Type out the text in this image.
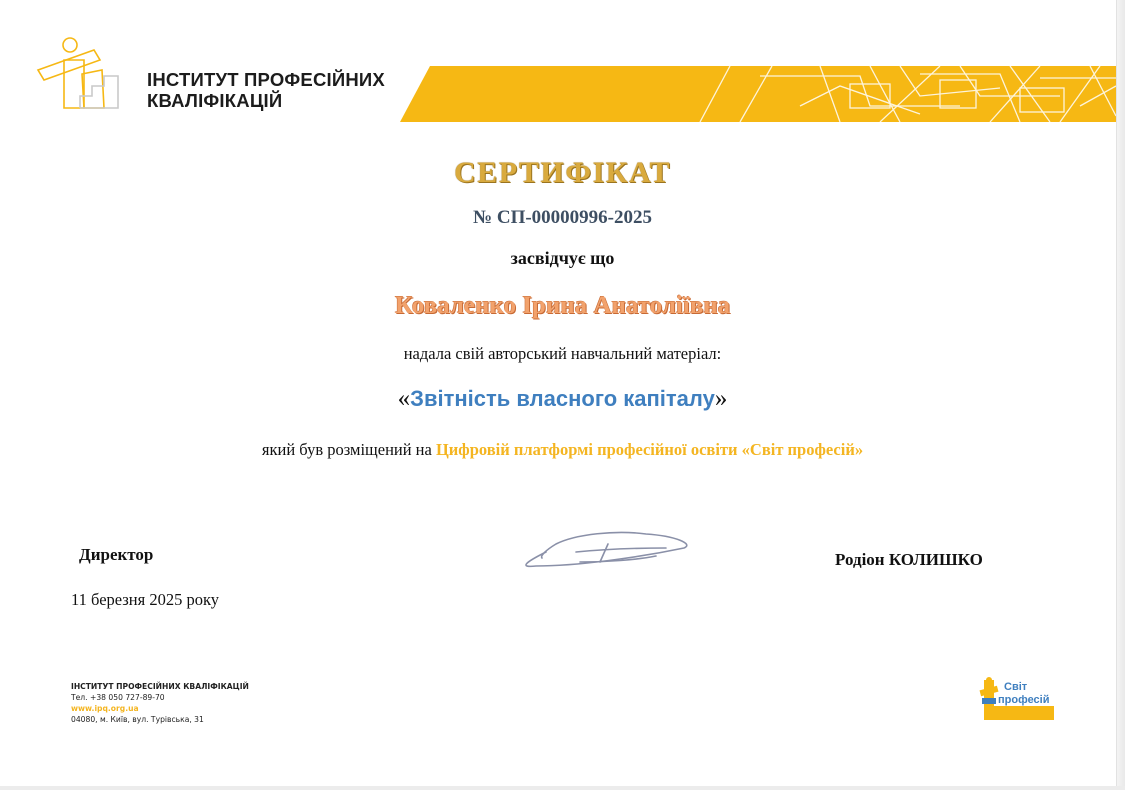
ІНСТИТУТ ПРОФЕСІЙНИХ
КВАЛІФІКАЦІЙ
СЕРТИФІКАТ
№ СП-00000996-2025
засвідчує що
Коваленко Ірина Анатоліївна
надала свій авторський навчальний матеріал:
«Звітність власного капіталу»
який був розміщений на Цифровій платформі професійної освіти «Світ професій»
Директор
11 березня 2025 року
Родіон КОЛИШКО
ІНСТИТУТ ПРОФЕСІЙНИХ КВАЛІФІКАЦІЙ
Тел. +38 050 727-89-70
www.ipq.org.ua
04080, м. Київ, вул. Турівська, 31
Світ
професій
